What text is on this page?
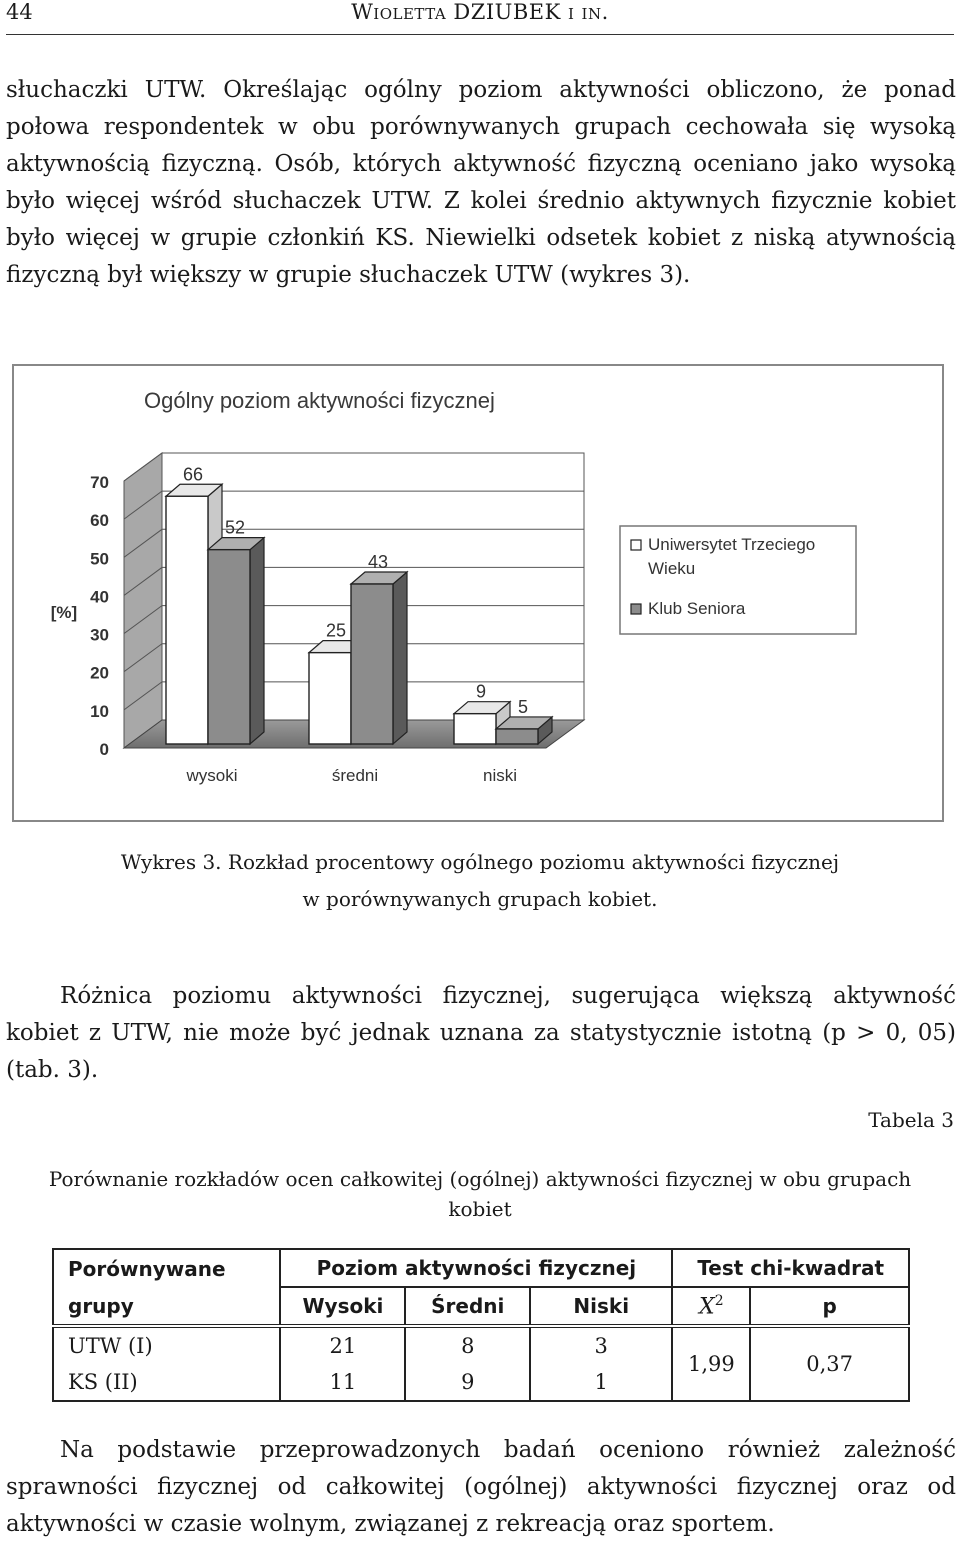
44	Wioletta DZIUBEK i in.

słuchaczki UTW. Określając ogólny poziom aktywności obliczono, że ponad połowa respondentek w obu porównywanych grupach cechowała się wysoką aktywnością fizyczną. Osób, których aktywność fizyczną oceniano jako wysoką było więcej wśród słuchaczek UTW. Z kolei średnio aktywnych fizycznie kobiet było więcej w grupie członkiń KS. Niewielki odsetek kobiet z niską atywnością fizyczną był większy w grupie słuchaczek UTW (wykres 3).

Ogólny poziom aktywności fizycznej
0
10
20
30
40
50
60
70
[%]
66
52
wysoki
25
43
średni
9
5
niski
Uniwersytet Trzeciego
Wieku
Klub Seniora
Wykres 3. Rozkład procentowy ogólnego poziomu aktywności fizycznej
w porównywanych grupach kobiet.

Różnica poziomu aktywności fizycznej, sugerująca większą aktywność kobiet z UTW, nie może być jednak uznana za statystycznie istotną (p > 0, 05) (tab. 3).

Tabela 3
Porównanie rozkładów ocen całkowitej (ogólnej) aktywności fizycznej w obu grupach kobiet
Porównywane	Poziom aktywności fizycznej			Test chi-kwadrat	
grupy	Wysoki	Średni	Niski	$X^2$	p
UTW (I)	21	8	3	1,99	0,37
KS (II)	11	9	1		

Na podstawie przeprowadzonych badań oceniono również zależność sprawności fizycznej od całkowitej (ogólnej) aktywności fizycznej oraz od aktywności w czasie wolnym, związanej z rekreacją oraz sportem.
